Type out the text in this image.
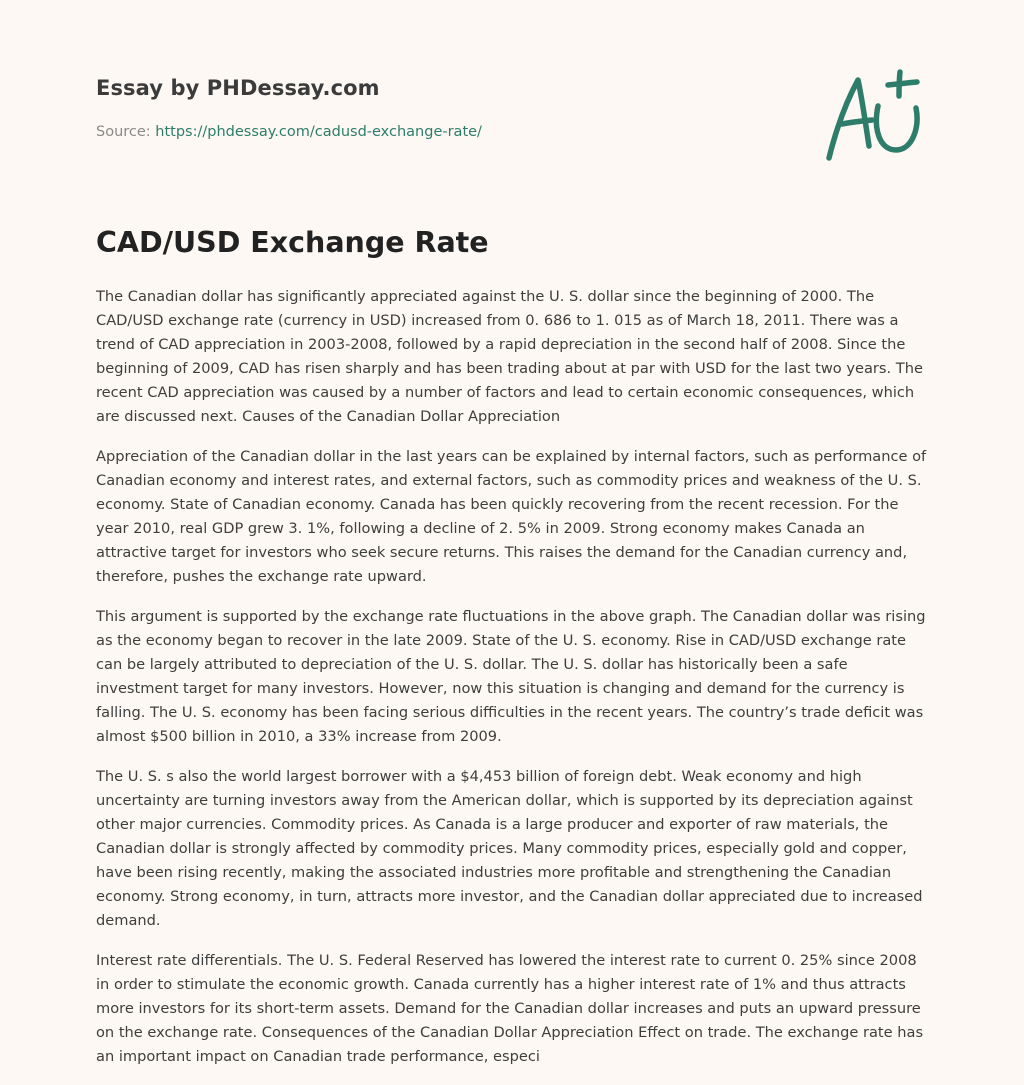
Essay by PHDessay.com
Source: https://phdessay.com/cadusd-exchange-rate/
CAD/USD Exchange Rate

The Canadian dollar has significantly appreciated against the U. S. dollar since the beginning of 2000. The CAD/USD exchange rate (currency in USD) increased from 0. 686 to 1. 015 as of March 18, 2011. There was a trend of CAD appreciation in 2003-2008, followed by a rapid depreciation in the second half of 2008. Since the beginning of 2009, CAD has risen sharply and has been trading about at par with USD for the last two years. The recent CAD appreciation was caused by a number of factors and lead to certain economic consequences, which are discussed next. Causes of the Canadian Dollar Appreciation

Appreciation of the Canadian dollar in the last years can be explained by internal factors, such as performance of Canadian economy and interest rates, and external factors, such as commodity prices and weakness of the U. S. economy. State of Canadian economy. Canada has been quickly recovering from the recent recession. For the year 2010, real GDP grew 3. 1%, following a decline of 2. 5% in 2009. Strong economy makes Canada an attractive target for investors who seek secure returns. This raises the demand for the Canadian currency and, therefore, pushes the exchange rate upward.

This argument is supported by the exchange rate fluctuations in the above graph. The Canadian dollar was rising as the economy began to recover in the late 2009. State of the U. S. economy. Rise in CAD/USD exchange rate can be largely attributed to depreciation of the U. S. dollar. The U. S. dollar has historically been a safe investment target for many investors. However, now this situation is changing and demand for the currency is falling. The U. S. economy has been facing serious difficulties in the recent years. The country’s trade deficit was almost $500 billion in 2010, a 33% increase from 2009.

The U. S. s also the world largest borrower with a $4,453 billion of foreign debt. Weak economy and high uncertainty are turning investors away from the American dollar, which is supported by its depreciation against other major currencies. Commodity prices. As Canada is a large producer and exporter of raw materials, the Canadian dollar is strongly affected by commodity prices. Many commodity prices, especially gold and copper, have been rising recently, making the associated industries more profitable and strengthening the Canadian economy. Strong economy, in turn, attracts more investor, and the Canadian dollar appreciated due to increased demand.

Interest rate differentials. The U. S. Federal Reserved has lowered the interest rate to current 0. 25% since 2008 in order to stimulate the economic growth. Canada currently has a higher interest rate of 1% and thus attracts more investors for its short-term assets. Demand for the Canadian dollar increases and puts an upward pressure on the exchange rate. Consequences of the Canadian Dollar Appreciation Effect on trade. The exchange rate has an important impact on Canadian trade performance, especi
